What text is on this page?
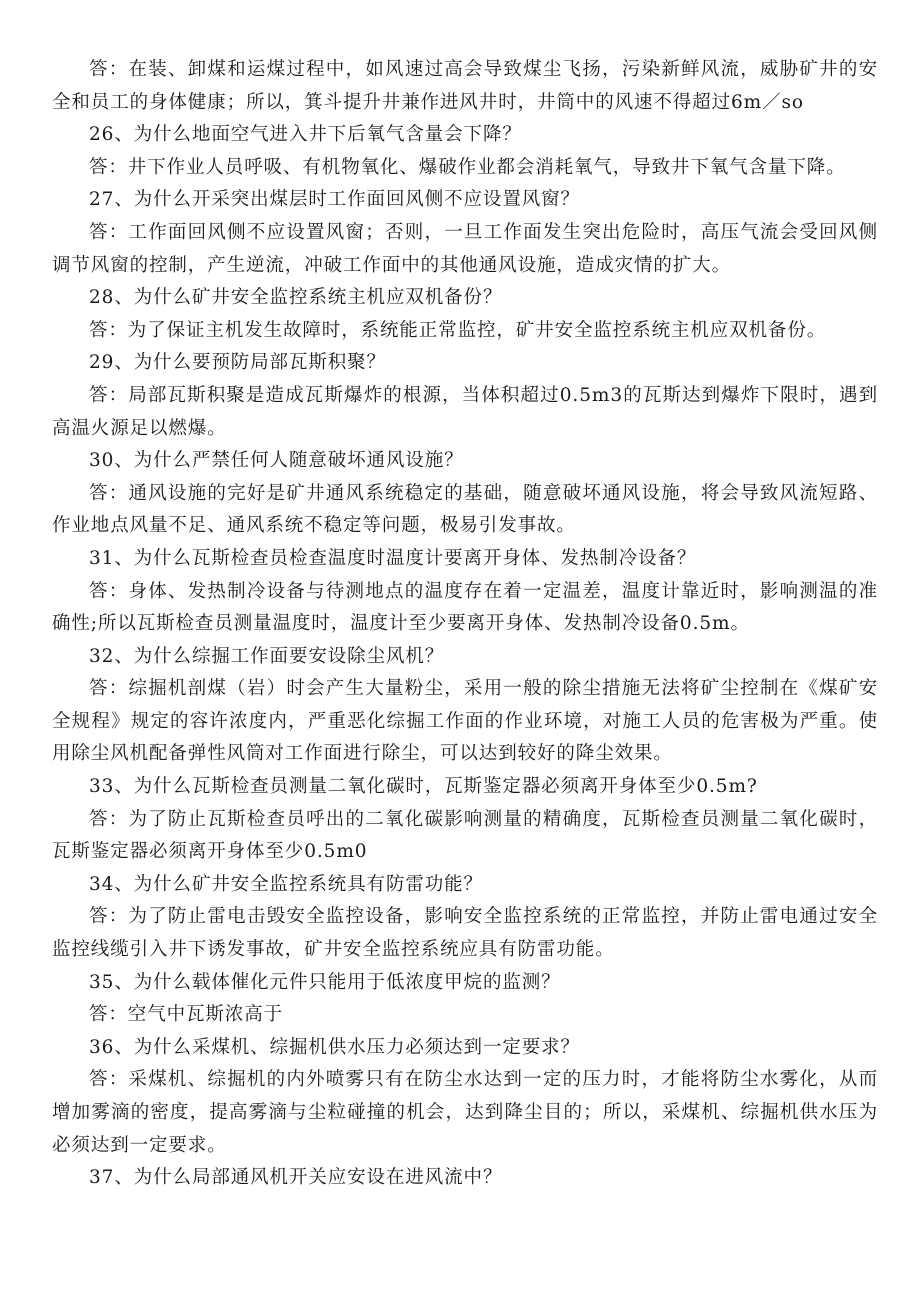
答：在装、卸煤和运煤过程中，如风速过高会导致煤尘飞扬，污染新鲜风流，威胁矿井的安全和员工的身体健康；所以，箕斗提升井兼作进风井时，井筒中的风速不得超过6m／so

26、为什么地面空气进入井下后氧气含量会下降？

答：井下作业人员呼吸、有机物氧化、爆破作业都会消耗氧气，导致井下氧气含量下降。

27、为什么开采突出煤层时工作面回风侧不应设置风窗？

答：工作面回风侧不应设置风窗；否则，一旦工作面发生突出危险时，高压气流会受回风侧调节风窗的控制，产生逆流，冲破工作面中的其他通风设施，造成灾情的扩大。

28、为什么矿井安全监控系统主机应双机备份？

答：为了保证主机发生故障时，系统能正常监控，矿井安全监控系统主机应双机备份。

29、为什么要预防局部瓦斯积聚？

答：局部瓦斯积聚是造成瓦斯爆炸的根源，当体积超过0.5m3的瓦斯达到爆炸下限时，遇到高温火源足以燃爆。

30、为什么严禁任何人随意破坏通风设施？

答：通风设施的完好是矿井通风系统稳定的基础，随意破坏通风设施，将会导致风流短路、作业地点风量不足、通风系统不稳定等问题，极易引发事故。

31、为什么瓦斯检查员检查温度时温度计要离开身体、发热制冷设备？

答：身体、发热制冷设备与待测地点的温度存在着一定温差，温度计靠近时，影响测温的准确性;所以瓦斯检查员测量温度时，温度计至少要离开身体、发热制冷设备0.5m。

32、为什么综掘工作面要安设除尘风机？

答：综掘机剖煤（岩）时会产生大量粉尘，采用一般的除尘措施无法将矿尘控制在《煤矿安全规程》规定的容许浓度内，严重恶化综掘工作面的作业环境，对施工人员的危害极为严重。使用除尘风机配备弹性风筒对工作面进行除尘，可以达到较好的降尘效果。

33、为什么瓦斯检查员测量二氧化碳时，瓦斯鉴定器必须离开身体至少0.5m?

答：为了防止瓦斯检查员呼出的二氧化碳影响测量的精确度，瓦斯检查员测量二氧化碳时，瓦斯鉴定器必须离开身体至少0.5m0

34、为什么矿井安全监控系统具有防雷功能？

答：为了防止雷电击毁安全监控设备，影响安全监控系统的正常监控，并防止雷电通过安全监控线缆引入井下诱发事故，矿井安全监控系统应具有防雷功能。

35、为什么载体催化元件只能用于低浓度甲烷的监测？

答：空气中瓦斯浓高于

36、为什么采煤机、综掘机供水压力必须达到一定要求？

答：采煤机、综掘机的内外喷雾只有在防尘水达到一定的压力时，才能将防尘水雾化，从而增加雾滴的密度，提高雾滴与尘粒碰撞的机会，达到降尘目的；所以，采煤机、综掘机供水压为必须达到一定要求。

37、为什么局部通风机开关应安设在进风流中？
